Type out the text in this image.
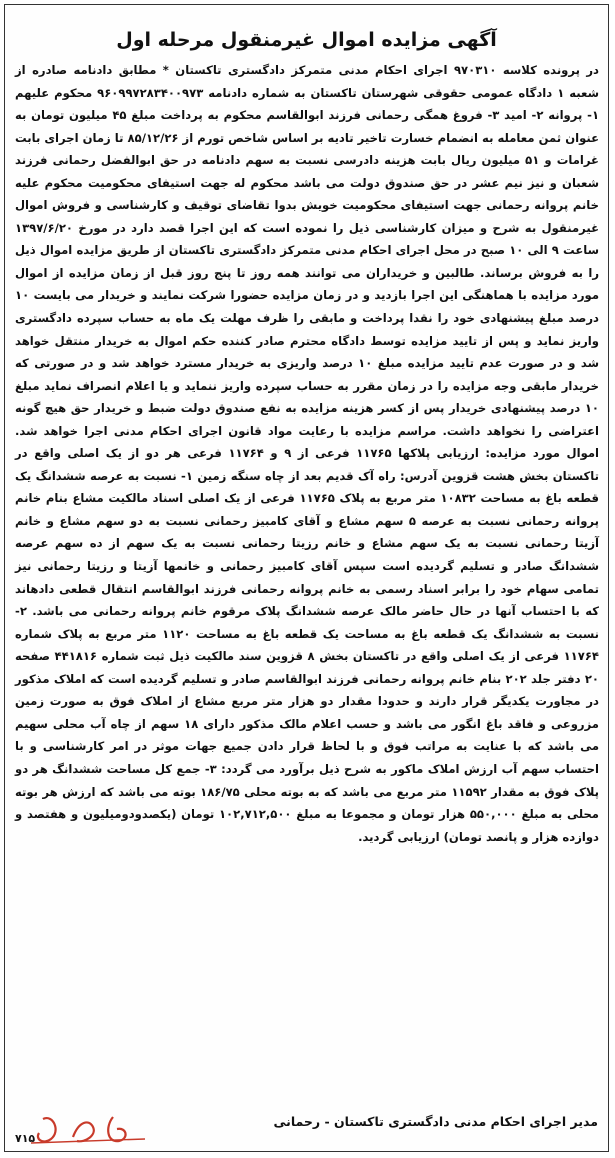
آگهی مزایده اموال غیرمنقول مرحله اول

در پرونده کلاسه ۹۷۰۳۱۰ اجرای احکام مدنی متمرکز دادگستری تاکستان * مطابق دادنامه صادره از شعبه ۱ دادگاه عمومی حقوقی شهرستان تاکستان به شماره دادنامه ۹۶۰۹۹۷۲۸۳۴۰۰۹۷۳ محکوم علیهم ۱- پروانه ۲- امید ۳- فروغ همگی رحمانی فرزند ابوالقاسم محکوم به پرداخت مبلغ ۴۵ میلیون تومان به عنوان ثمن معامله به انضمام خسارت تاخیر تادیه بر اساس شاخص تورم از ۸۵/۱۲/۲۶ تا زمان اجرای بابت غرامات و ۵۱ میلیون ریال بابت هزینه دادرسی نسبت به سهم دادنامه در حق ابوالفضل رحمانی فرزند شعبان و نیز نیم عشر در حق صندوق دولت می باشد محکوم له جهت استیفای محکومیت محکوم علیه خانم پروانه رحمانی جهت استیفای محکومیت خویش بدوا تقاضای توقیف و کارشناسی و فروش اموال غیرمنقول به شرح و میزان کارشناسی ذیل را نموده است که این اجرا قصد دارد در مورخ ۱۳۹۷/۶/۲۰ ساعت ۹ الی ۱۰ صبح در محل اجرای احکام مدنی متمرکز دادگستری تاکستان از طریق مزایده اموال ذیل را به فروش برساند. طالبین و خریداران می توانند همه روز تا پنج روز قبل از زمان مزایده از اموال مورد مزایده با هماهنگی این اجرا بازدید و در زمان مزایده حضورا شرکت نمایند و خریدار می بایست ۱۰ درصد مبلغ پیشنهادی خود را نقدا پرداخت و مابقی را ظرف مهلت یک ماه به حساب سپرده دادگستری واریز نماید و پس از تایید مزایده توسط دادگاه محترم صادر کننده حکم اموال به خریدار منتقل خواهد شد و در صورت عدم تایید مزایده مبلغ ۱۰ درصد واریزی به خریدار مسترد خواهد شد و در صورتی که خریدار مابقی وجه مزایده را در زمان مقرر به حساب سپرده واریز ننماید و یا اعلام انصراف نماید مبلغ ۱۰ درصد پیشنهادی خریدار پس از کسر هزینه مزایده به نفع صندوق دولت ضبط و خریدار حق هیچ گونه اعتراضی را نخواهد داشت. مراسم مزایده با رعایت مواد قانون اجرای احکام مدنی اجرا خواهد شد. اموال مورد مزایده: ارزیابی پلاکها ۱۱۷۶۵ فرعی از ۹ و ۱۱۷۶۴ فرعی هر دو از یک اصلی واقع در تاکستان بخش هشت قزوین آدرس: راه آک قدیم بعد از چاه سنگه زمین ۱- نسبت به عرصه ششدانگ یک قطعه باغ به مساحت ۱۰۸۳۲ متر مربع به پلاک ۱۱۷۶۵ فرعی از یک اصلی اسناد مالکیت مشاع بنام خانم پروانه رحمانی نسبت به عرصه ۵ سهم مشاع و آقای کامبیز رحمانی نسبت به دو سهم مشاع و خانم آزیتا رحمانی نسبت به یک سهم مشاع و خانم رزیتا رحمانی نسبت به یک سهم از ده سهم عرصه ششدانگ صادر و تسلیم گردیده است سپس آقای کامبیز رحمانی و خانمها آزیتا و رزیتا رحمانی نیز تمامی سهام خود را برابر اسناد رسمی به خانم پروانه رحمانی فرزند ابوالقاسم انتقال قطعی دادهاند که با احتساب آنها در حال حاضر مالک عرصه ششدانگ پلاک مرقوم خانم پروانه رحمانی می باشد. ۲- نسبت به ششدانگ یک قطعه باغ به مساحت یک قطعه باغ به مساحت ۱۱۲۰ متر مربع به پلاک شماره ۱۱۷۶۴ فرعی از یک اصلی واقع در تاکستان بخش ۸ قزوین سند مالکیت ذیل ثبت شماره ۴۴۱۸۱۶ صفحه ۲۰ دفتر جلد ۲۰۲ بنام خانم پروانه رحمانی فرزند ابوالقاسم صادر و تسلیم گردیده است که املاک مذکور در مجاورت یکدیگر قرار دارند و حدودا مقدار دو هزار متر مربع مشاع از املاک فوق به صورت زمین مزروعی و فاقد باغ انگور می باشد و حسب اعلام مالک مذکور دارای ۱۸ سهم از چاه آب محلی سهیم می باشد که با عنایت به مراتب فوق و با لحاظ قرار دادن جمیع جهات موثر در امر کارشناسی و با احتساب سهم آب ارزش املاک ماکور به شرح ذیل برآورد می گردد: ۳- جمع کل مساحت ششدانگ هر دو پلاک فوق به مقدار ۱۱۵۹۲ متر مربع می باشد که به بوته محلی ۱۸۶/۷۵ بوته می باشد که ارزش هر بوته محلی به مبلغ ۵۵۰,۰۰۰ هزار تومان و مجموعا به مبلغ ۱۰۲,۷۱۲,۵۰۰ تومان (یکصدودومیلیون و هفتصد و دوازده هزار و پانصد تومان) ارزیابی گردید.

مدیر اجرای احکام مدنی دادگستری تاکستان - رحمانی
۷۱۵
